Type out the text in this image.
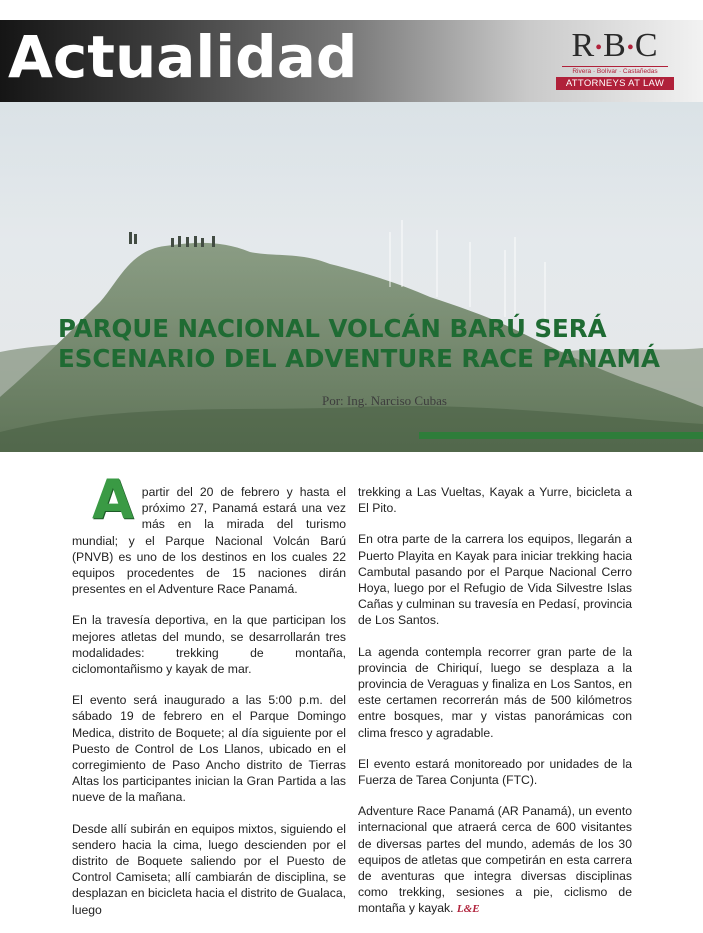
Actualidad	R•B•C
Rivera · Bolívar · Castañedas
ATTORNEYS AT LAW
PARQUE NACIONAL VOLCÁN BARÚ SERÁ
ESCENARIO DEL ADVENTURE RACE PANAMÁ
Por: Ing. Narciso Cubas

Apartir del 20 de febrero y hasta el próximo 27, Panamá estará una vez más en la mirada del turismo mundial; y el Parque Nacional Volcán Barú (PNVB) es uno de los destinos en los cuales 22 equipos procedentes de 15 naciones dirán presentes en el Adventure Race Panamá.

En la travesía deportiva, en la que participan los mejores atletas del mundo, se desarrollarán tres modalidades: trekking de montaña, ciclomontañismo y kayak de mar.

El evento será inaugurado a las 5:00 p.m. del sábado 19 de febrero en el Parque Domingo Medica, distrito de Boquete; al día siguiente por el Puesto de Control de Los Llanos, ubicado en el corregimiento de Paso Ancho distrito de Tierras Altas los participantes inician la Gran Partida a las nueve de la mañana.

Desde allí subirán en equipos mixtos, siguiendo el sendero hacia la cima, luego descienden por el distrito de Boquete saliendo por el Puesto de Control Camiseta; allí cambiarán de disciplina, se desplazan en bicicleta hacia el distrito de Gualaca, luego

trekking a Las Vueltas, Kayak a Yurre, bicicleta a El Pito.

En otra parte de la carrera los equipos, llegarán a Puerto Playita en Kayak para iniciar trekking hacia Cambutal pasando por el Parque Nacional Cerro Hoya, luego por el Refugio de Vida Silvestre Islas Cañas y culminan su travesía en Pedasí, provincia de Los Santos.

La agenda contempla recorrer gran parte de la provincia de Chiriquí, luego se desplaza a la provincia de Veraguas y finaliza en Los Santos, en este certamen recorrerán más de 500 kilómetros entre bosques, mar y vistas panorámicas con clima fresco y agradable.

El evento estará monitoreado por unidades de la Fuerza de Tarea Conjunta (FTC).

Adventure Race Panamá (AR Panamá), un evento internacional que atraerá cerca de 600 visitantes de diversas partes del mundo, además de los 30 equipos de atletas que competirán en esta carrera de aventuras que integra diversas disciplinas como trekking, sesiones a pie, ciclismo de montaña y kayak. L&E
